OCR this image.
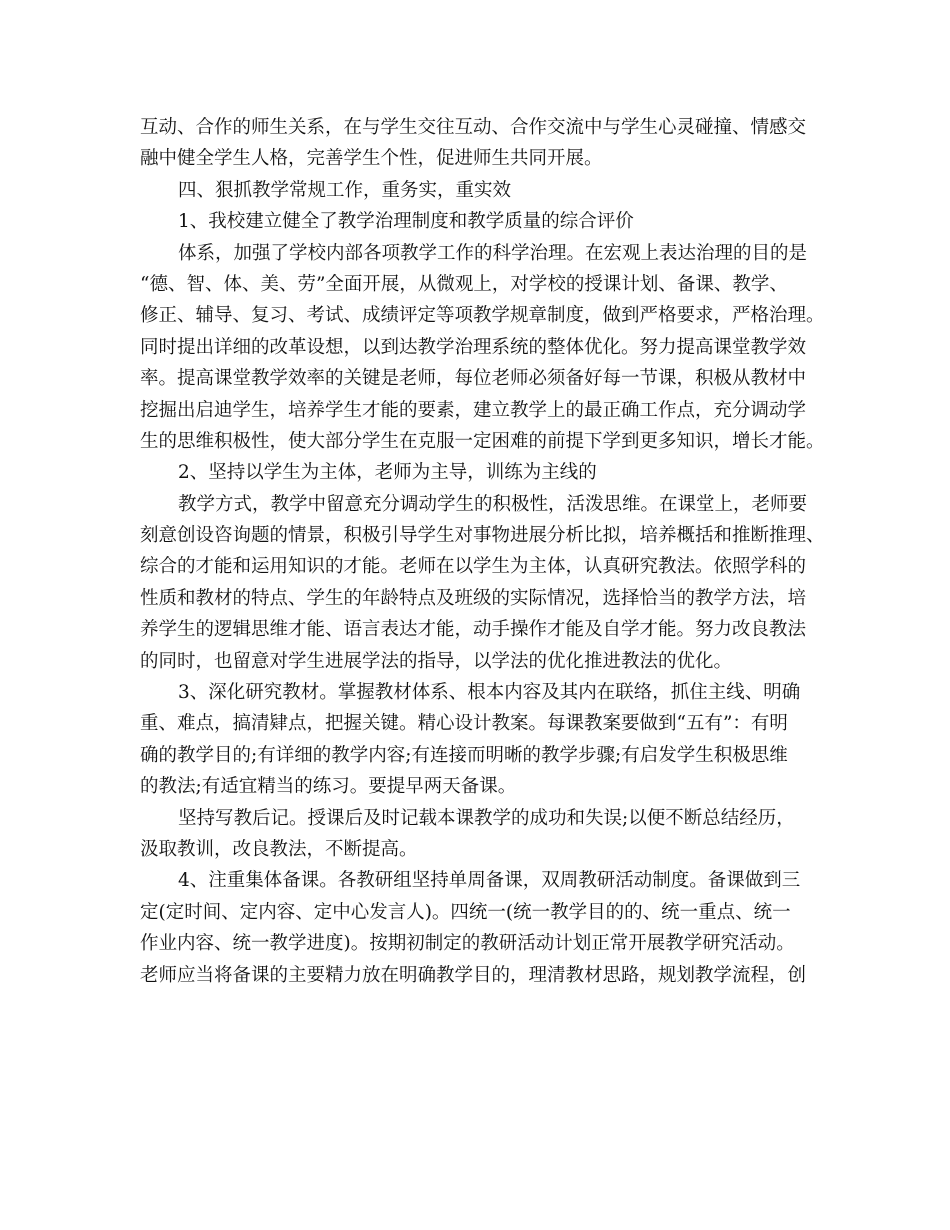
互动、合作的师生关系，在与学生交往互动、合作交流中与学生心灵碰撞、情感交
融中健全学生人格，完善学生个性，促进师生共同开展。
四、狠抓教学常规工作，重务实，重实效
1、我校建立健全了教学治理制度和教学质量的综合评价
体系，加强了学校内部各项教学工作的科学治理。在宏观上表达治理的目的是
“德、智、体、美、劳”全面开展，从微观上，对学校的授课计划、备课、教学、
修正、辅导、复习、考试、成绩评定等项教学规章制度，做到严格要求，严格治理。
同时提出详细的改革设想，以到达教学治理系统的整体优化。努力提高课堂教学效
率。提高课堂教学效率的关键是老师，每位老师必须备好每一节课，积极从教材中
挖掘出启迪学生，培养学生才能的要素，建立教学上的最正确工作点，充分调动学
生的思维积极性，使大部分学生在克服一定困难的前提下学到更多知识，增长才能。
2、坚持以学生为主体，老师为主导，训练为主线的
教学方式，教学中留意充分调动学生的积极性，活泼思维。在课堂上，老师要
刻意创设咨询题的情景，积极引导学生对事物进展分析比拟，培养概括和推断推理、
综合的才能和运用知识的才能。老师在以学生为主体，认真研究教法。依照学科的
性质和教材的特点、学生的年龄特点及班级的实际情况，选择恰当的教学方法，培
养学生的逻辑思维才能、语言表达才能，动手操作才能及自学才能。努力改良教法
的同时，也留意对学生进展学法的指导，以学法的优化推进教法的优化。
3、深化研究教材。掌握教材体系、根本内容及其内在联络，抓住主线、明确
重、难点，搞清肄点，把握关键。精心设计教案。每课教案要做到“五有”：有明
确的教学目的;有详细的教学内容;有连接而明晰的教学步骤;有启发学生积极思维
的教法;有适宜精当的练习。要提早两天备课。
坚持写教后记。授课后及时记载本课教学的成功和失误;以便不断总结经历，
汲取教训，改良教法，不断提高。
4、注重集体备课。各教研组坚持单周备课，双周教研活动制度。备课做到三
定(定时间、定内容、定中心发言人)。四统一(统一教学目的的、统一重点、统一
作业内容、统一教学进度)。按期初制定的教研活动计划正常开展教学研究活动。
老师应当将备课的主要精力放在明确教学目的，理清教材思路，规划教学流程，创
